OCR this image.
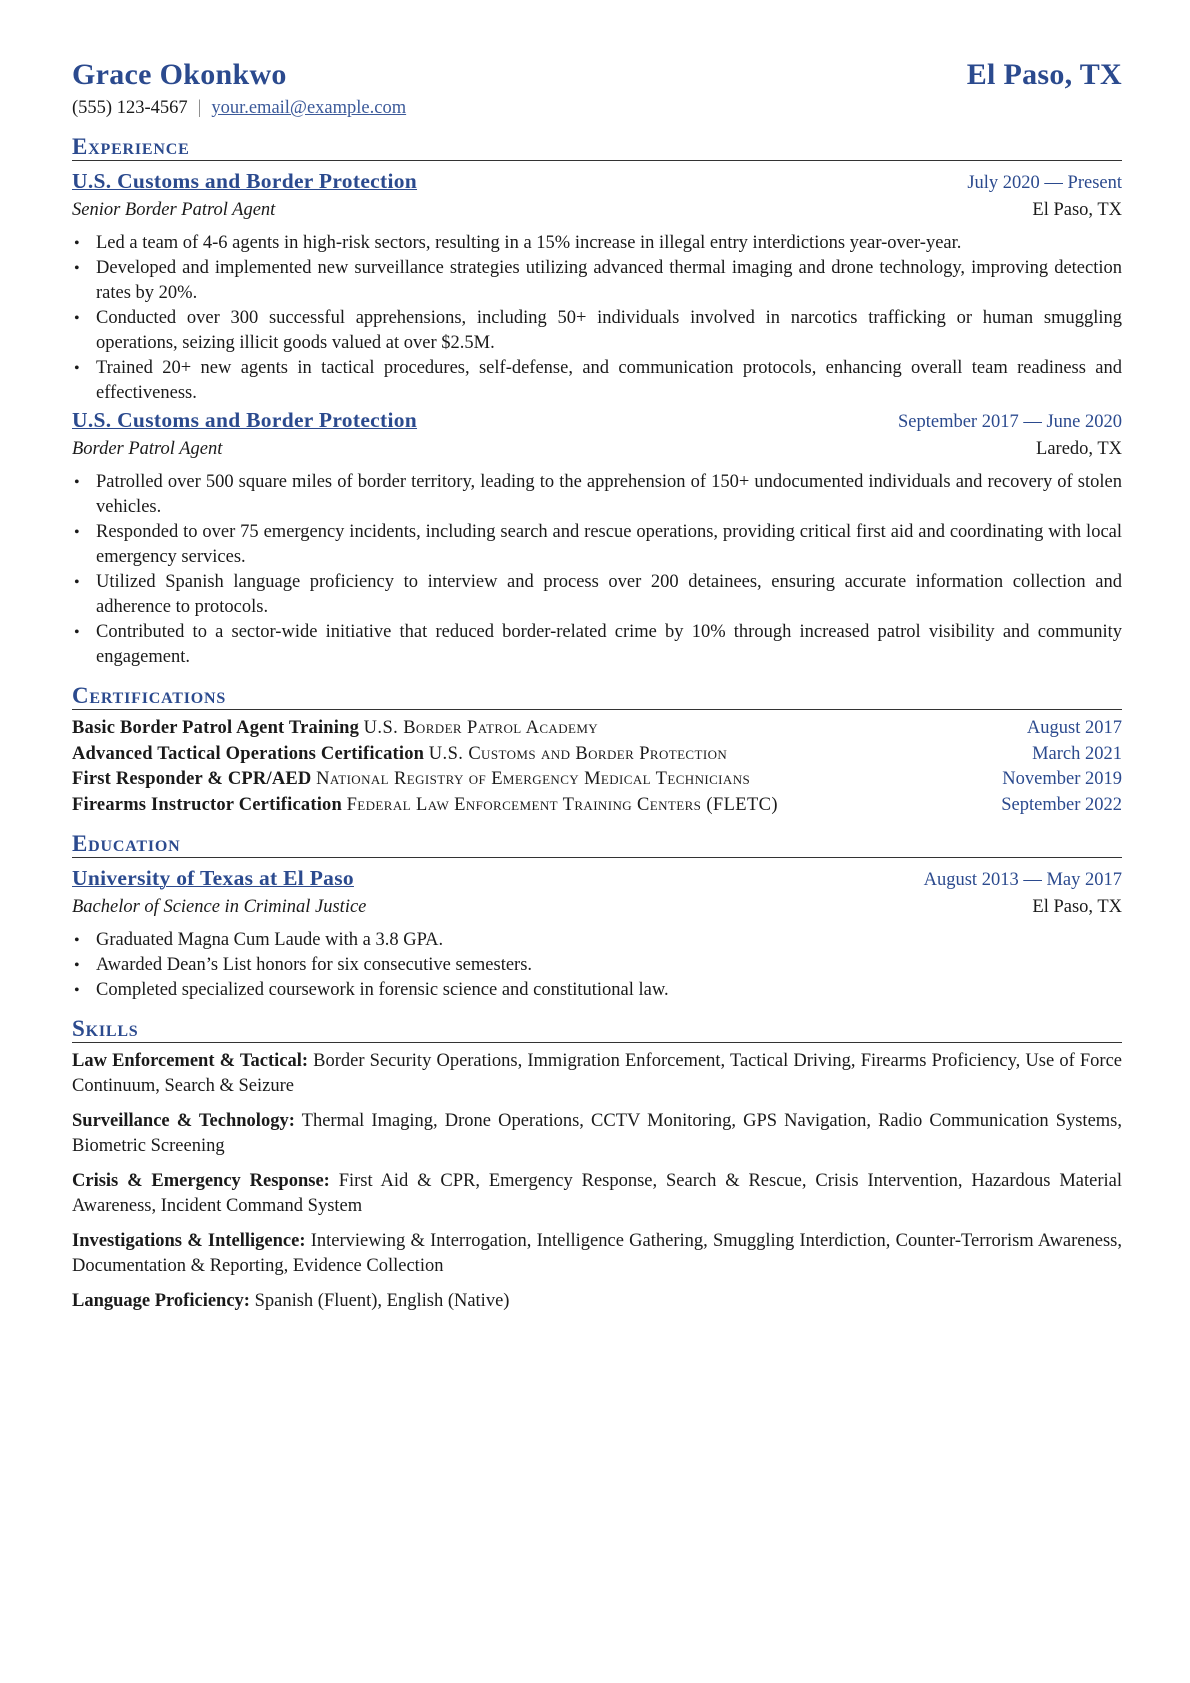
Grace Okonkwo	El Paso, TX
(555) 123-4567 | your.email@example.com
Experience
U.S. Customs and Border Protection	July 2020 — Present
Senior Border Patrol Agent	El Paso, TX
• Led a team of 4-6 agents in high-risk sectors, resulting in a 15% increase in illegal entry interdictions year-over-year.
• Developed and implemented new surveillance strategies utilizing advanced thermal imaging and drone technology, improving detection rates by 20%.
• Conducted over 300 successful apprehensions, including 50+ individuals involved in narcotics trafficking or human smuggling operations, seizing illicit goods valued at over $2.5M.
• Trained 20+ new agents in tactical procedures, self-defense, and communication protocols, enhancing overall team readiness and effectiveness.
U.S. Customs and Border Protection	September 2017 — June 2020
Border Patrol Agent	Laredo, TX
• Patrolled over 500 square miles of border territory, leading to the apprehension of 150+ undocumented individuals and recovery of stolen vehicles.
• Responded to over 75 emergency incidents, including search and rescue operations, providing critical first aid and coordinating with local emergency services.
• Utilized Spanish language proficiency to interview and process over 200 detainees, ensuring accurate information collection and adherence to protocols.
• Contributed to a sector-wide initiative that reduced border-related crime by 10% through increased patrol visibility and community engagement.
Certifications
Basic Border Patrol Agent Training U.S. Border Patrol Academy	August 2017
Advanced Tactical Operations Certification U.S. Customs and Border Protection	March 2021
First Responder & CPR/AED National Registry of Emergency Medical Technicians	November 2019
Firearms Instructor Certification Federal Law Enforcement Training Centers (FLETC)	September 2022
Education
University of Texas at El Paso	August 2013 — May 2017
Bachelor of Science in Criminal Justice	El Paso, TX
• Graduated Magna Cum Laude with a 3.8 GPA.
• Awarded Dean’s List honors for six consecutive semesters.
• Completed specialized coursework in forensic science and constitutional law.
Skills
Law Enforcement & Tactical: Border Security Operations, Immigration Enforcement, Tactical Driving, Firearms Proficiency, Use of Force Continuum, Search & Seizure
Surveillance & Technology: Thermal Imaging, Drone Operations, CCTV Monitoring, GPS Navigation, Radio Communication Systems, Biometric Screening
Crisis & Emergency Response: First Aid & CPR, Emergency Response, Search & Rescue, Crisis Intervention, Hazardous Material Awareness, Incident Command System
Investigations & Intelligence: Interviewing & Interrogation, Intelligence Gathering, Smuggling Interdiction, Counter-Terrorism Awareness, Documentation & Reporting, Evidence Collection
Language Proficiency: Spanish (Fluent), English (Native)
